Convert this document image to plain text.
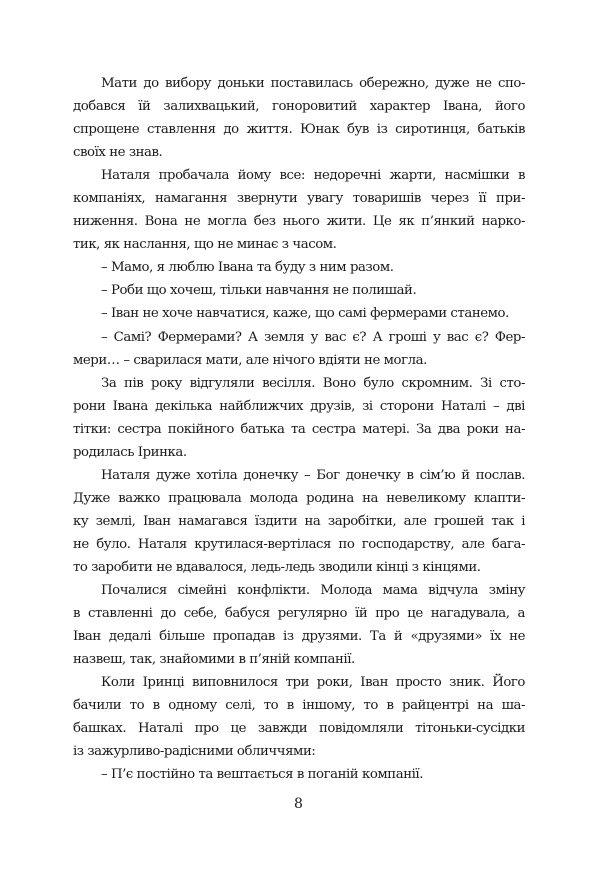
Мати до вибору доньки поставилась обережно, дуже не спо-
добався їй залихвацький, гоноровитий характер Івана, його
спрощене ставлення до життя. Юнак був із сиротинця, батьків
своїх не знав.
Наталя пробачала йому все: недоречні жарти, насмішки в
компаніях, намагання звернути увагу товаришів через її при-
ниження. Вона не могла без нього жити. Це як п’янкий нарко-
тик, як наслання, що не минає з часом.
– Мамо, я люблю Івана та буду з ним разом.
– Роби що хочеш, тільки навчання не полишай.
– Іван не хоче навчатися, каже, що самі фермерами станемо.
– Самі? Фермерами? А земля у вас є? А гроші у вас є? Фер-
мери… – сварилася мати, але нічого вдіяти не могла.
За пів року відгуляли весілля. Воно було скромним. Зі сто-
рони Івана декілька найближчих друзів, зі сторони Наталі – дві
тітки: сестра покійного батька та сестра матері. За два роки на-
родилась Іринка.
Наталя дуже хотіла донечку – Бог донечку в сім’ю й послав.
Дуже важко працювала молода родина на невеликому клапти-
ку землі, Іван намагався їздити на заробітки, але грошей так і
не було. Наталя крутилася-вертілася по господарству, але бага-
то заробити не вдавалося, ледь-ледь зводили кінці з кінцями.
Почалися сімейні конфлікти. Молода мама відчула зміну
в ставленні до себе, бабуся регулярно їй про це нагадувала, а
Іван дедалі більше пропадав із друзями. Та й «друзями» їх не
назвеш, так, знайомими в п’яній компанії.
Коли Іринці виповнилося три роки, Іван просто зник. Його
бачили то в одному селі, то в іншому, то в райцентрі на ша-
башках. Наталі про це завжди повідомляли тітоньки-сусідки
із зажурливо-радісними обличчями:
– П’є постійно та вештається в поганій компанії.
8
